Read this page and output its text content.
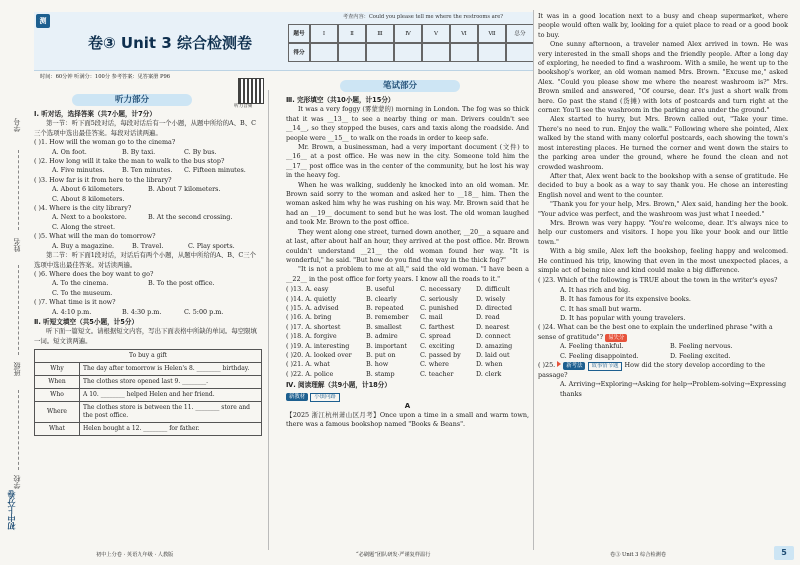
学号
姓名
班级
学校
初中上分卷
测
卷③ Unit 3 综合检测卷
考查内容：Could you please tell me where the restrooms are?
题号	Ⅰ	Ⅱ	Ⅲ	Ⅳ	Ⅴ	Ⅵ	Ⅶ	总分
得分
时间：60分钟 听满分：100分 参考答案：见答案册 P96
听力音频
听力部分
Ⅰ. 听对话，选择答案（共7小题，计7分）
第一节：听下面5段对话，每段对话后有一个小题，从题中所给的A、B、C三个选项中选出最佳答案。每段对话读两遍。
( )1. How will the woman go to the cinema?
A. On foot.	B. By taxi.	C. By bus.
( )2. How long will it take the man to walk to the bus stop?
A. Five minutes.	B. Ten minutes.	C. Fifteen minutes.
( )3. How far is it from here to the library?
A. About 6 kilometers.	B. About 7 kilometers.
C. About 8 kilometers.
( )4. Where is the city library?
A. Next to a bookstore.	B. At the second crossing.
C. Along the street.
( )5. What will the man do tomorrow?
A. Buy a magazine.	B. Travel.	C. Play sports.
第二节：听下面1段对话，对话后有两个小题，从题中所给的A、B、C三个选项中选出最佳答案。对话读两遍。
( )6. Where does the boy want to go?
A. To the cinema.	B. To the post office.
C. To the museum.
( )7. What time is it now?
A. 4:10 p.m.	B. 4:30 p.m.	C. 5:00 p.m.
Ⅱ. 听短文填空（共5小题，计5分）
听下面一篇短文。请根据短文内容，写出下面表格中所缺的单词。每空限填一词。短文读两遍。
To buy a gift	
Why	The day after tomorrow is Helen's 8. ________ birthday.
When	The clothes store opened last 9. ________.
Who	A 10. ________ helped Helen and her friend.
Where	The clothes store is between the 11. ________ store and the post office.
What	Helen bought a 12. ________ for father.
初中上分卷 · 英语九年级 · 人教版
笔试部分
Ⅲ. 完形填空（共10小题，计15分）
It was a very foggy (雾蒙蒙的) morning in London. The fog was so thick that it was __13__ to see a nearby thing or man. Drivers couldn't see __14__, so they stopped the buses, cars and taxis along the roadside. And people were __15__ to walk on the roads in order to keep safe.
Mr. Brown, a businessman, had a very important document (文件) to __16__ at a post office. He was new in the city. Someone told him the __17__ post office was in the center of the community, but he lost his way in the heavy fog.
When he was walking, suddenly he knocked into an old woman. Mr. Brown said sorry to the woman and asked her to __18__ him. Then the woman asked him why he was rushing on his way. Mr. Brown said that he had an __19__ document to send but he was lost. The old woman laughed and took Mr. Brown to the post office.
They went along one street, turned down another, __20__ a square and at last, after about half an hour, they arrived at the post office. Mr. Brown couldn't understand __21__ the old woman found her way. "It is wonderful," he said. "But how do you find the way in the thick fog?"
"It is not a problem to me at all," said the old woman. "I have been a __22__ in the post office for forty years. I know all the roads to it."
( )13. A. easy	B. useful	C. necessary	D. difficult
( )14. A. quietly	B. clearly	C. seriously	D. wisely
( )15. A. advised	B. repeated	C. punished	D. directed
( )16. A. bring	B. remember	C. mail	D. read
( )17. A. shortest	B. smallest	C. farthest	D. nearest
( )18. A. forgive	B. admire	C. spread	D. connect
( )19. A. interesting	B. important	C. exciting	D. amazing
( )20. A. looked over	B. put on	C. passed by	D. laid out
( )21. A. what	B. how	C. where	D. when
( )22. A. police	B. stamp	C. teacher	D. clerk
Ⅳ. 阅读理解（共9小题，计18分）
新教材 小镇问路
A
【2025 浙江杭州萧山区月考】Once upon a time in a small and warm town, there was a famous bookshop named "Books & Beans".
“必刷题”团队研发·严谨复样温行
It was in a good location next to a busy and cheap supermarket, where people would often walk by, looking for a quiet place to read or a good book to buy.
One sunny afternoon, a traveler named Alex arrived in town. He was very interested in the small shops and the friendly people. After a long day of exploring, he needed to find a washroom. With a smile, he went up to the bookshop's worker, an old woman named Mrs. Brown. "Excuse me," asked Alex. "Could you please show me where the nearest washroom is?" Mrs. Brown smiled and answered, "Of course, dear. It's just a short walk from here. Go past the stand (货摊) with lots of postcards and turn right at the corner. You'll see the washroom in the parking area under the ground."
Alex started to hurry, but Mrs. Brown called out, "Take your time. There's no need to run. Enjoy the walk." Following where she pointed, Alex walked by the stand with many colorful postcards, each showing the town's most interesting places. He turned the corner and went down the stairs to the parking area under the ground, where he found the clean and not crowded washroom.
After that, Alex went back to the bookshop with a sense of gratitude. He decided to buy a book as a way to say thank you. He chose an interesting English novel and went to the counter.
"Thank you for your help, Mrs. Brown," Alex said, handing her the book. "Your advice was perfect, and the washroom was just what I needed."
Mrs. Brown was very happy. "You're welcome, dear. It's always nice to help our customers and visitors. I hope you like your book and our little town."
With a big smile, Alex left the bookshop, feeling happy and welcomed. He continued his trip, knowing that even in the most unexpected places, a simple act of being nice and kind could make a big difference.
( )23. Which of the following is TRUE about the town in the writer's eyes?
A. It has rich and big.
B. It has famous for its expensive books.
C. It has small but warm.
D. It has popular with young travelers.
( )24. What can be the best one to explain the underlined phrase "with a sense of gratitude"? 易失分
A. Feeling thankful.	B. Feeling nervous.
C. Feeling disappointed.	D. Feeling excited.
( )25. 新考法 故事情节题 How did the story develop according to the passage?
A. Arriving→Exploring→Asking for help→Problem-solving→Expressing thanks
卷③ Unit 3 综合检测卷	5
